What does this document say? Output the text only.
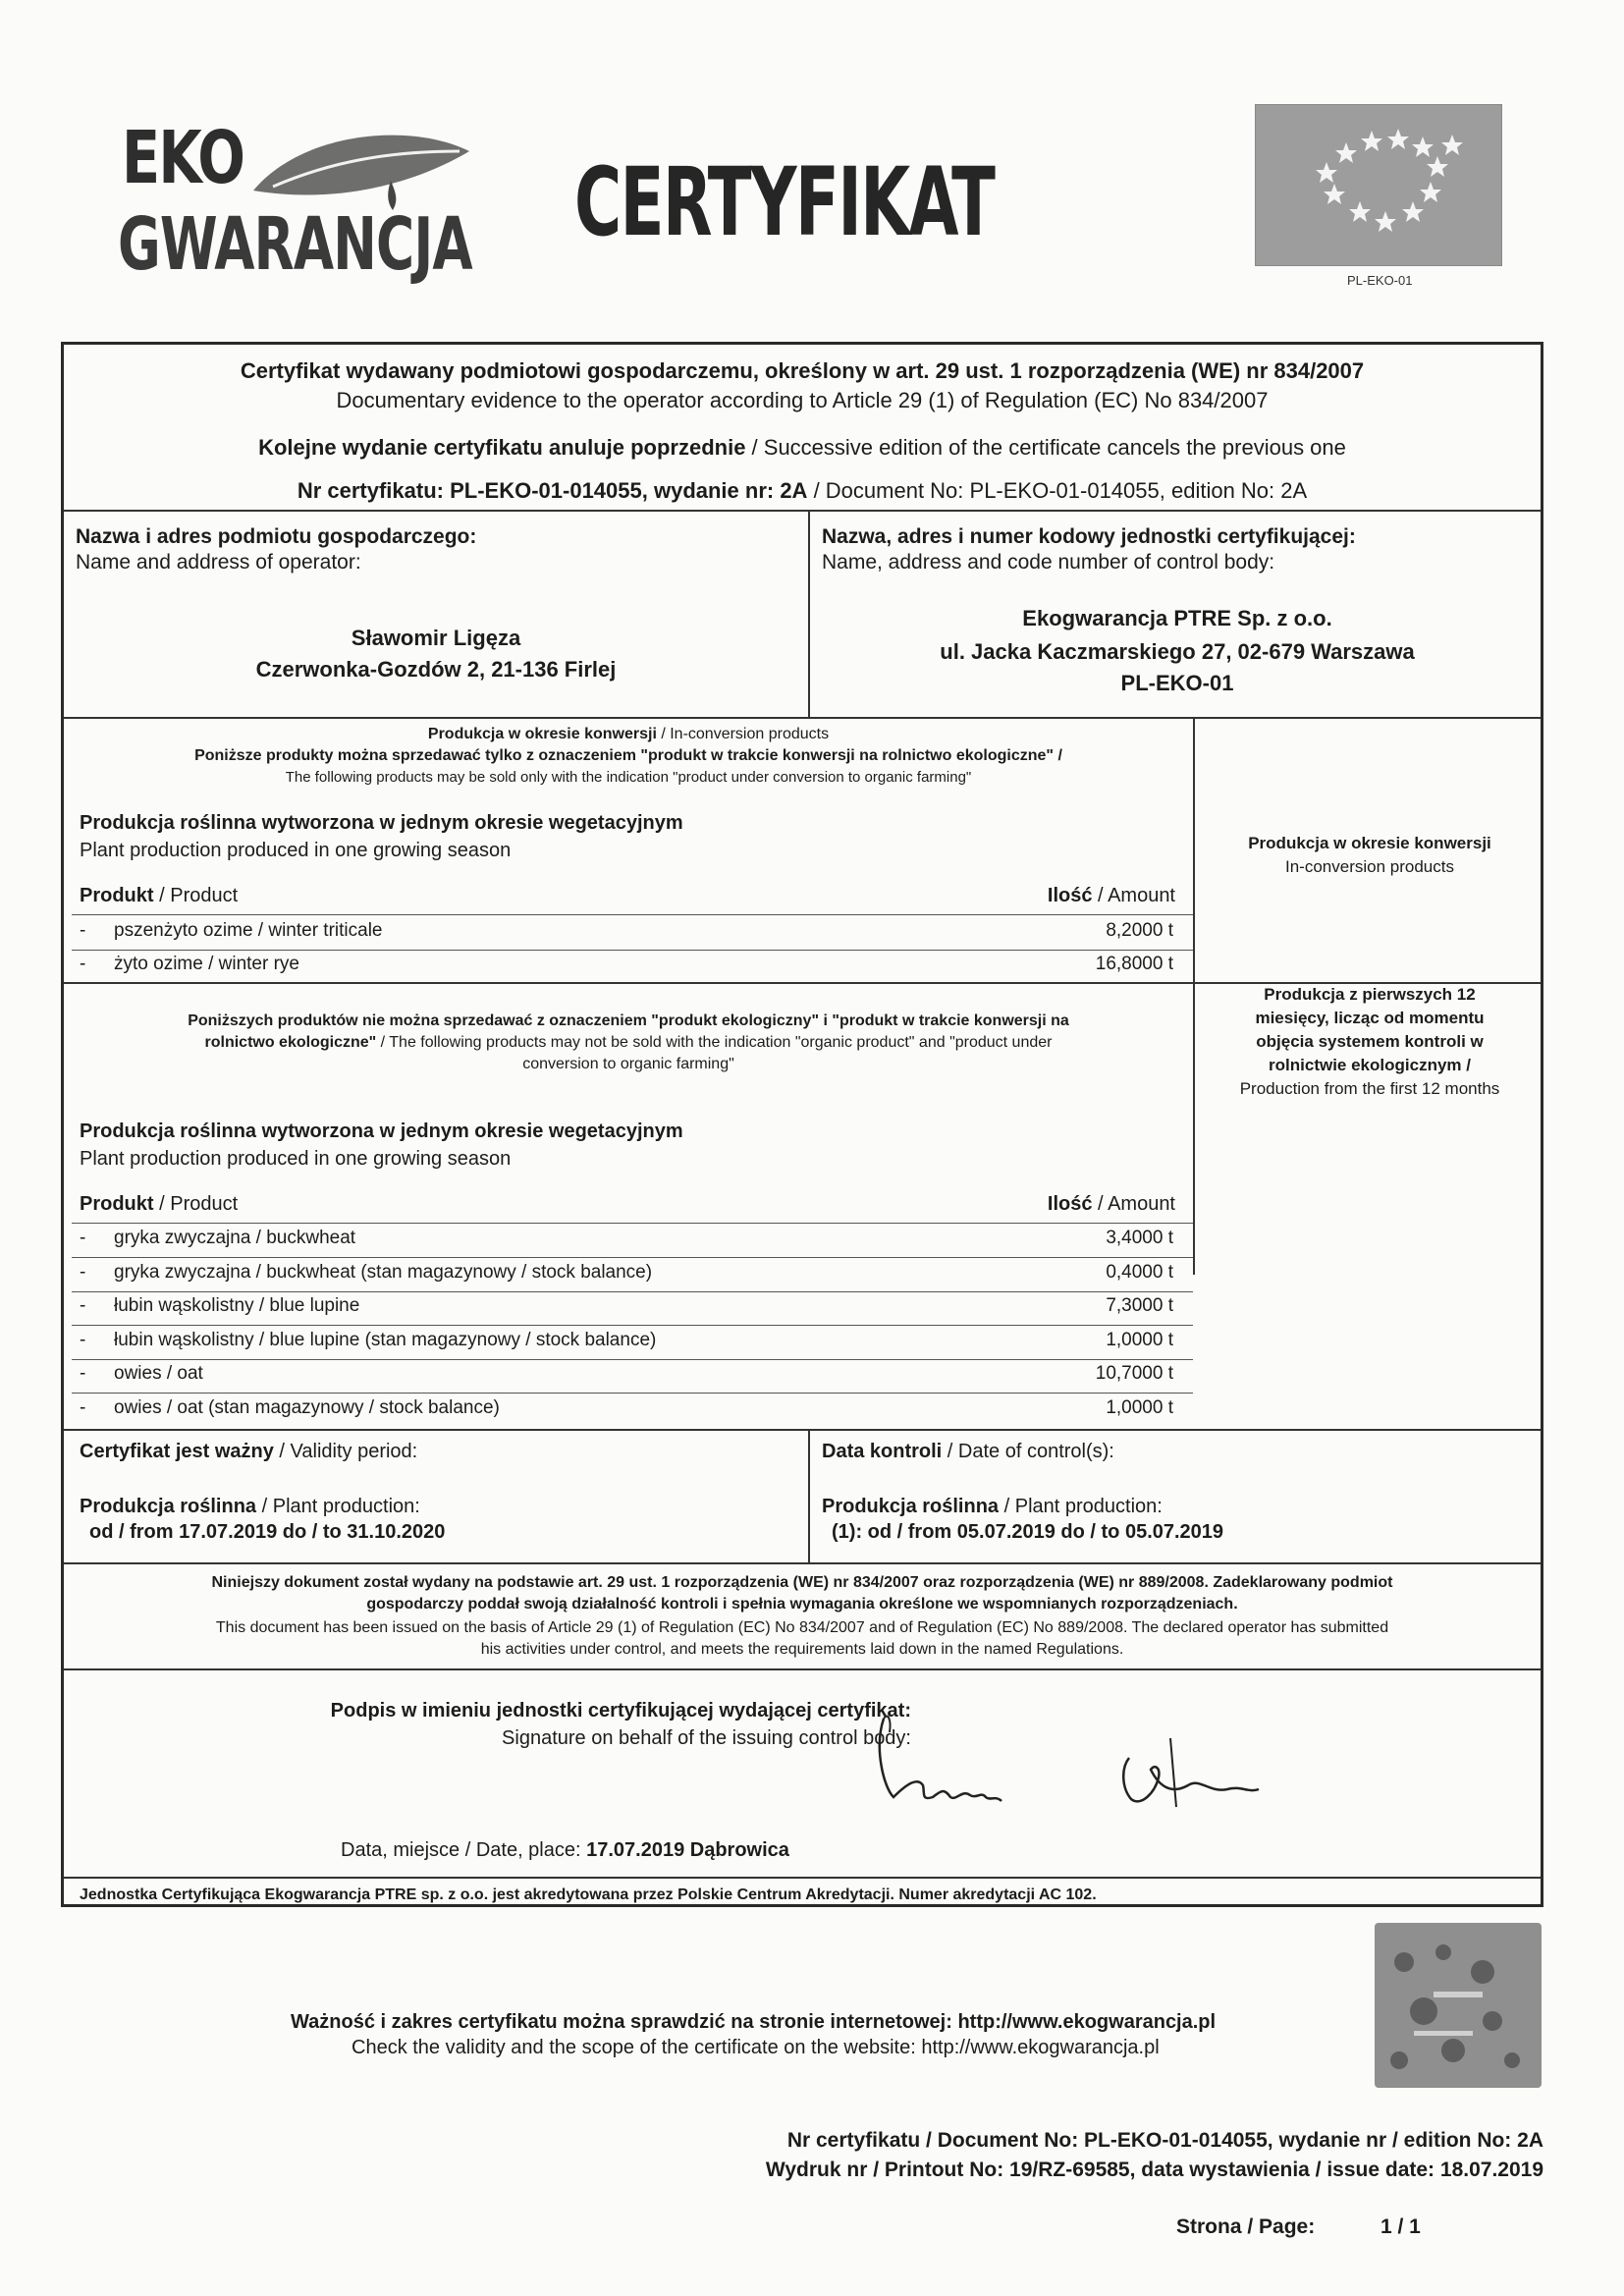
EKO
GWARANCJA CERTYFIKAT
PL-EKO-01
Certyfikat wydawany podmiotowi gospodarczemu, określony w art. 29 ust. 1 rozporządzenia (WE) nr 834/2007
Documentary evidence to the operator according to Article 29 (1) of Regulation (EC) No 834/2007
Kolejne wydanie certyfikatu anuluje poprzednie / Successive edition of the certificate cancels the previous one
Nr certyfikatu: PL-EKO-01-014055, wydanie nr: 2A / Document No: PL-EKO-01-014055, edition No: 2A
Nazwa i adres podmiotu gospodarczego:
Name and address of operator:
Sławomir Ligęza
Czerwonka-Gozdów 2, 21-136 Firlej
Nazwa, adres i numer kodowy jednostki certyfikującej:
Name, address and code number of control body:
Ekogwarancja PTRE Sp. z o.o.
ul. Jacka Kaczmarskiego 27, 02-679 Warszawa
PL-EKO-01
Produkcja w okresie konwersji / In-conversion products
Poniższe produkty można sprzedawać tylko z oznaczeniem "produkt w trakcie konwersji na rolnictwo ekologiczne" /
The following products may be sold only with the indication "product under conversion to organic farming"
Produkcja roślinna wytworzona w jednym okresie wegetacyjnym
Plant production produced in one growing season
Produkt / Product	Ilość / Amount
- pszenżyto ozime / winter triticale	8,2000 t
- żyto ozime / winter rye	16,8000 t
Produkcja w okresie konwersji
In-conversion products
Poniższych produktów nie można sprzedawać z oznaczeniem "produkt ekologiczny" i "produkt w trakcie konwersji na
rolnictwo ekologiczne" / The following products may not be sold with the indication "organic product" and "product under
conversion to organic farming"
Produkcja roślinna wytworzona w jednym okresie wegetacyjnym
Plant production produced in one growing season
Produkt / Product	Ilość / Amount
- gryka zwyczajna / buckwheat	3,4000 t
- gryka zwyczajna / buckwheat (stan magazynowy / stock balance)	0,4000 t
- łubin wąskolistny / blue lupine	7,3000 t
- łubin wąskolistny / blue lupine (stan magazynowy / stock balance)	1,0000 t
- owies / oat	10,7000 t
- owies / oat (stan magazynowy / stock balance)	1,0000 t
Produkcja z pierwszych 12
miesięcy, licząc od momentu
objęcia systemem kontroli w
rolnictwie ekologicznym /
Production from the first 12 months
Certyfikat jest ważny / Validity period:
Produkcja roślinna / Plant production:
od / from 17.07.2019 do / to 31.10.2020
Data kontroli / Date of control(s):
Produkcja roślinna / Plant production:
(1): od / from 05.07.2019 do / to 05.07.2019
Niniejszy dokument został wydany na podstawie art. 29 ust. 1 rozporządzenia (WE) nr 834/2007 oraz rozporządzenia (WE) nr 889/2008. Zadeklarowany podmiot
gospodarczy poddał swoją działalność kontroli i spełnia wymagania określone we wspomnianych rozporządzeniach.
This document has been issued on the basis of Article 29 (1) of Regulation (EC) No 834/2007 and of Regulation (EC) No 889/2008. The declared operator has submitted
his activities under control, and meets the requirements laid down in the named Regulations.
Podpis w imieniu jednostki certyfikującej wydającej certyfikat:
Signature on behalf of the issuing control body:
Data, miejsce / Date, place: 17.07.2019 Dąbrowica
Jednostka Certyfikująca Ekogwarancja PTRE sp. z o.o. jest akredytowana przez Polskie Centrum Akredytacji. Numer akredytacji AC 102.
Ważność i zakres certyfikatu można sprawdzić na stronie internetowej: http://www.ekogwarancja.pl
Check the validity and the scope of the certificate on the website: http://www.ekogwarancja.pl
Nr certyfikatu / Document No: PL-EKO-01-014055, wydanie nr / edition No: 2A
Wydruk nr / Printout No: 19/RZ-69585, data wystawienia / issue date: 18.07.2019
Strona / Page:	1 / 1
